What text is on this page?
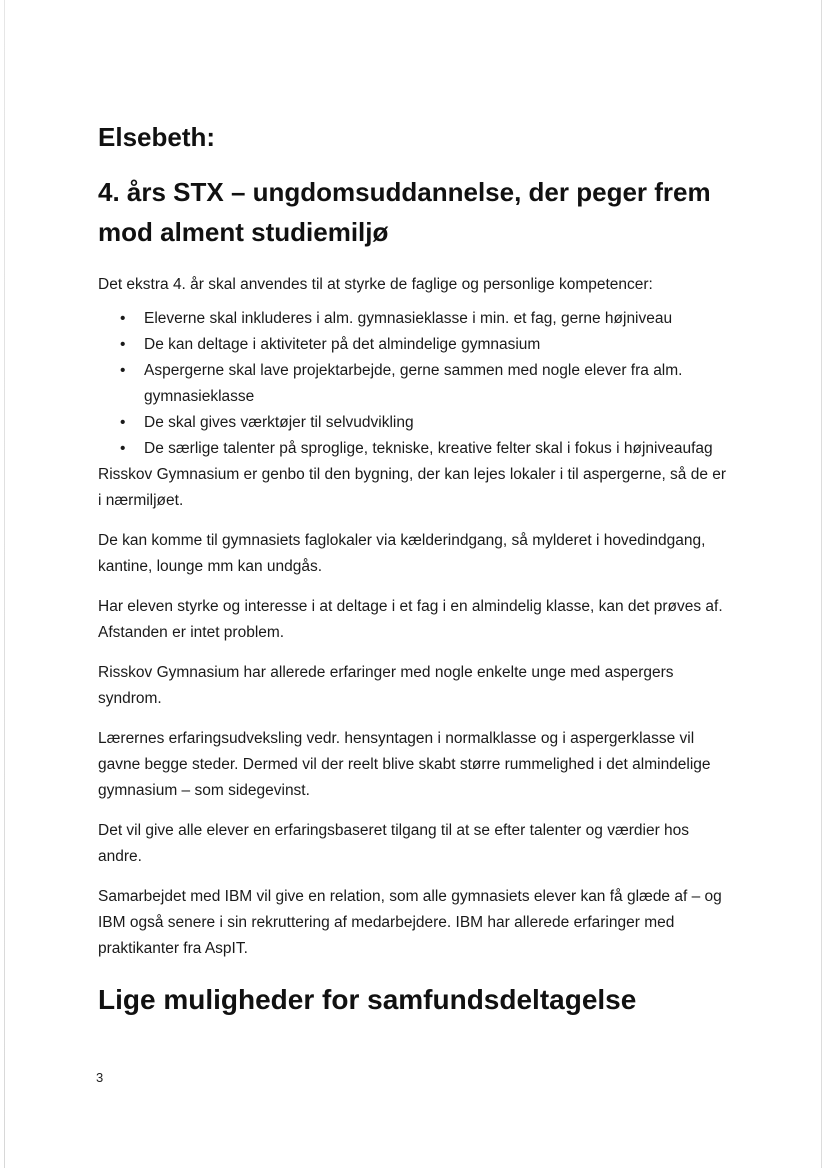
Elsebeth:
4. års STX – ungdomsuddannelse, der peger frem mod alment studiemiljø

Det ekstra 4. år skal anvendes til at styrke de faglige og personlige kompetencer:

• Eleverne skal inkluderes i alm. gymnasieklasse i min. et fag, gerne højniveau
• De kan deltage i aktiviteter på det almindelige gymnasium
• Aspergerne skal lave projektarbejde, gerne sammen med nogle elever fra alm. gymnasieklasse
• De skal gives værktøjer til selvudvikling
• De særlige talenter på sproglige, tekniske, kreative felter skal i fokus i højniveaufag

Risskov Gymnasium er genbo til den bygning, der kan lejes lokaler i til aspergerne, så de er i nærmiljøet.

De kan komme til gymnasiets faglokaler via kælderindgang, så mylderet i hovedindgang, kantine, lounge mm kan undgås.

Har eleven styrke og interesse i at deltage i et fag i en almindelig klasse, kan det prøves af. Afstanden er intet problem.

Risskov Gymnasium har allerede erfaringer med nogle enkelte unge med aspergers syndrom.

Lærernes erfaringsudveksling vedr. hensyntagen i normalklasse og i aspergerklasse vil gavne begge steder. Dermed vil der reelt blive skabt større rummelighed i det almindelige gymnasium – som sidegevinst.

Det vil give alle elever en erfaringsbaseret tilgang til at se efter talenter og værdier hos andre.

Samarbejdet med IBM vil give en relation, som alle gymnasiets elever kan få glæde af – og IBM også senere i sin rekruttering af medarbejdere. IBM har allerede erfaringer med praktikanter fra AspIT.

Lige muligheder for samfundsdeltagelse
3
